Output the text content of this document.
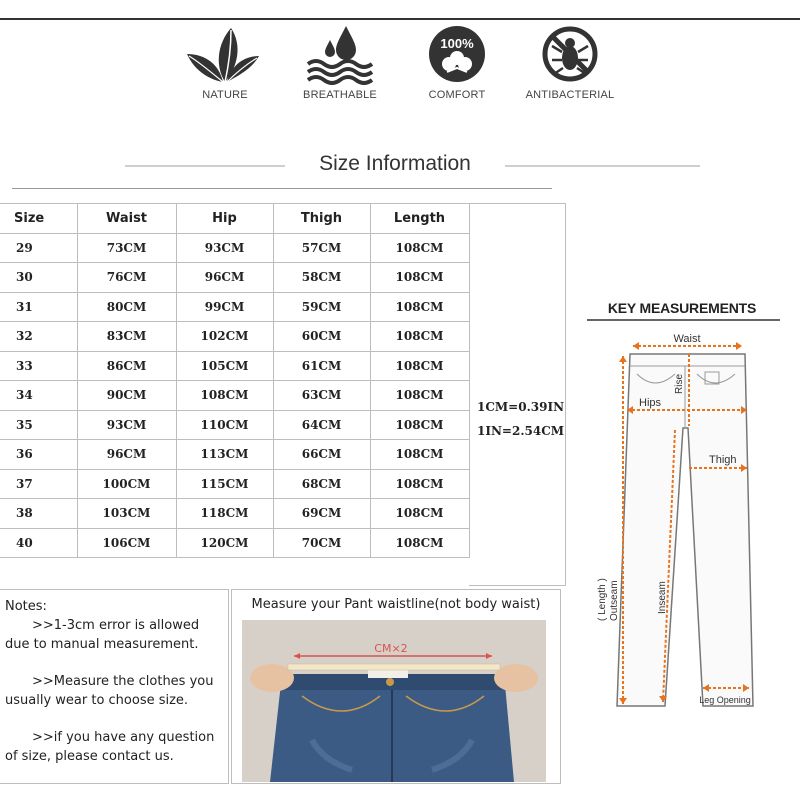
NATURE	BREATHABLE
100%
COMFORT	ANTIBACTERIAL
Size Information
Size	Waist	Hip	Thigh	Length
29	73CM	93CM	57CM	108CM
30	76CM	96CM	58CM	108CM
31	80CM	99CM	59CM	108CM
32	83CM	102CM	60CM	108CM
33	86CM	105CM	61CM	108CM
34	90CM	108CM	63CM	108CM
35	93CM	110CM	64CM	108CM
36	96CM	113CM	66CM	108CM
37	100CM	115CM	68CM	108CM
38	103CM	118CM	69CM	108CM
40	106CM	120CM	70CM	108CM
1CM=0.39IN
1IN=2.54CM
KEY MEASUREMENTS
Waist
Rise
Hips
Thigh
( Length ) Outseam	Inseam
Leg Opening

Notes:

>>1-3cm error is allowed due to manual measurement.

>>Measure the clothes you usually wear to choose size.

>>if you have any question of size, please contact us.

Measure your Pant waistline(not body waist)
CM×2
